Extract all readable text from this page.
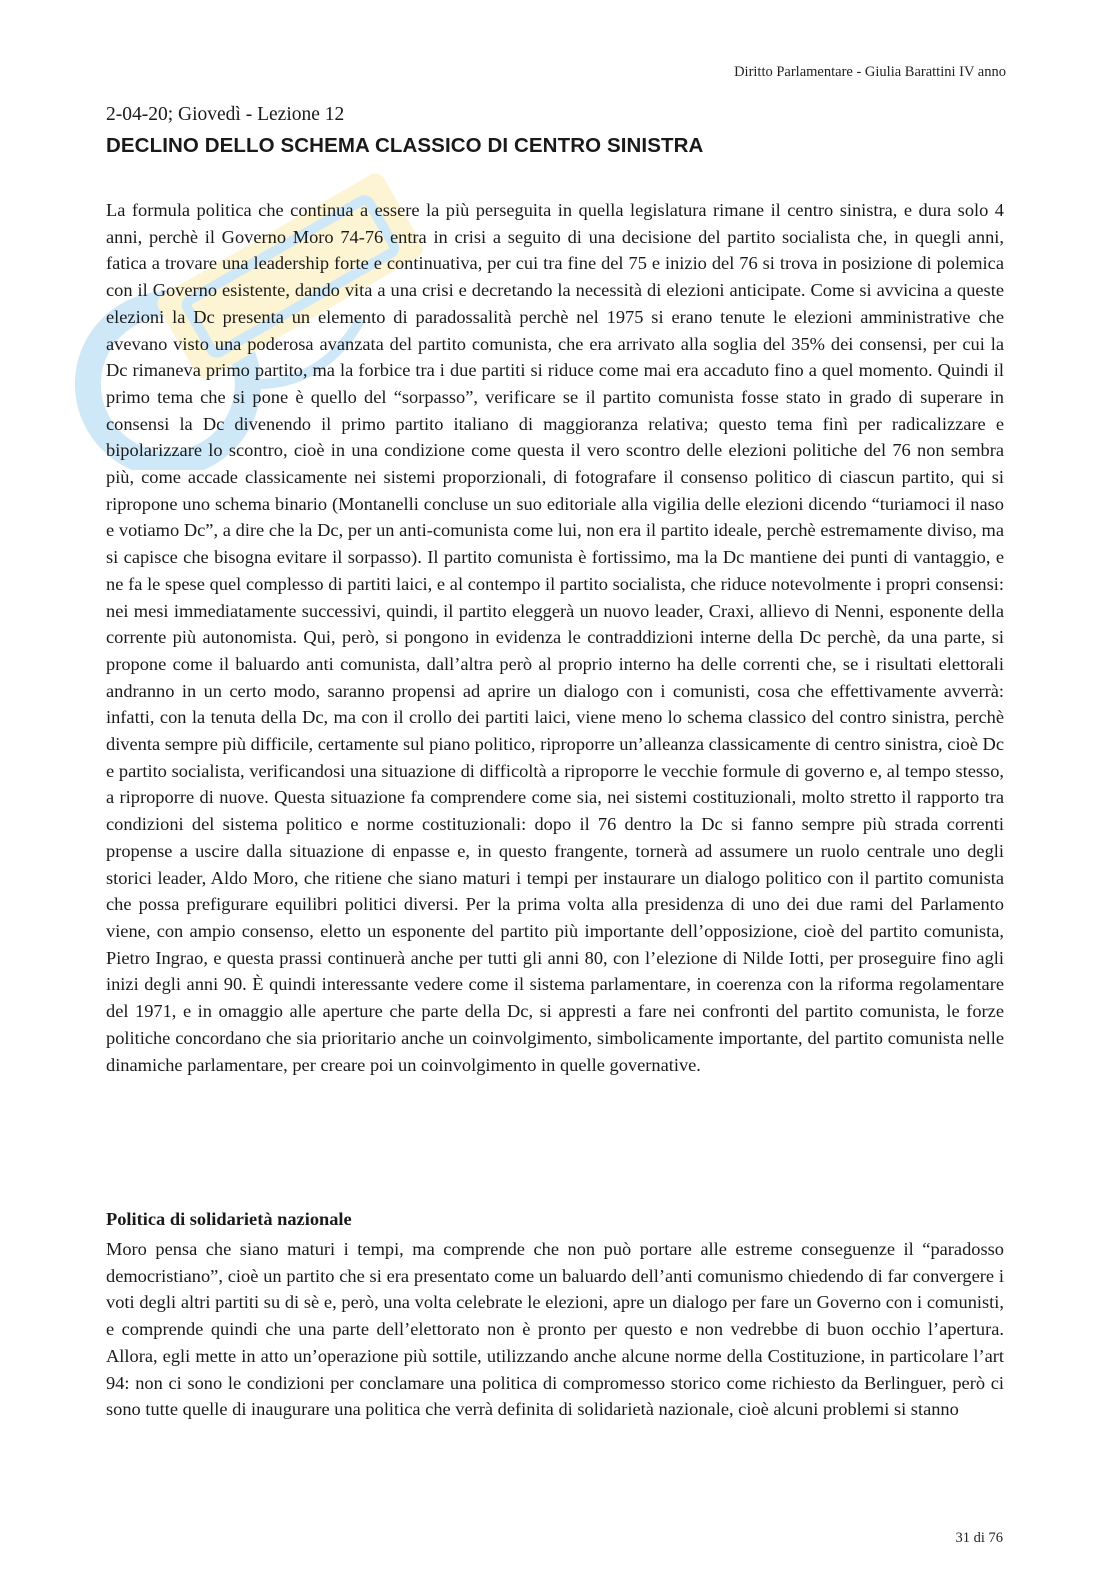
Diritto Parlamentare - Giulia Barattini IV anno
2-04-20; Giovedì - Lezione 12
DECLINO DELLO SCHEMA CLASSICO DI CENTRO SINISTRA

La formula politica che continua a essere la più perseguita in quella legislatura rimane il centro sinistra, e dura solo 4 anni, perchè il Governo Moro 74-76 entra in crisi a seguito di una decisione del partito socialista che, in quegli anni, fatica a trovare una leadership forte e continuativa, per cui tra fine del 75 e inizio del 76 si trova in posizione di polemica con il Governo esistente, dando vita a una crisi e decretando la necessità di elezioni anticipate. Come si avvicina a queste elezioni la Dc presenta un elemento di paradossalità perchè nel 1975 si erano tenute le elezioni amministrative che avevano visto una poderosa avanzata del partito comunista, che era arrivato alla soglia del 35% dei consensi, per cui la Dc rimaneva primo partito, ma la forbice tra i due partiti si riduce come mai era accaduto fino a quel momento. Quindi il primo tema che si pone è quello del “sorpasso”, verificare se il partito comunista fosse stato in grado di superare in consensi la Dc divenendo il primo partito italiano di maggioranza relativa; questo tema finì per radicalizzare e bipolarizzare lo scontro, cioè in una condizione come questa il vero scontro delle elezioni politiche del 76 non sembra più, come accade classicamente nei sistemi proporzionali, di fotografare il consenso politico di ciascun partito, qui si ripropone uno schema binario (Montanelli concluse un suo editoriale alla vigilia delle elezioni dicendo “turiamoci il naso e votiamo Dc”, a dire che la Dc, per un anti-comunista come lui, non era il partito ideale, perchè estremamente diviso, ma si capisce che bisogna evitare il sorpasso). Il partito comunista è fortissimo, ma la Dc mantiene dei punti di vantaggio, e ne fa le spese quel complesso di partiti laici, e al contempo il partito socialista, che riduce notevolmente i propri consensi: nei mesi immediatamente successivi, quindi, il partito eleggerà un nuovo leader, Craxi, allievo di Nenni, esponente della corrente più autonomista. Qui, però, si pongono in evidenza le contraddizioni interne della Dc perchè, da una parte, si propone come il baluardo anti comunista, dall’altra però al proprio interno ha delle correnti che, se i risultati elettorali andranno in un certo modo, saranno propensi ad aprire un dialogo con i comunisti, cosa che effettivamente avverrà: infatti, con la tenuta della Dc, ma con il crollo dei partiti laici, viene meno lo schema classico del contro sinistra, perchè diventa sempre più difficile, certamente sul piano politico, riproporre un’alleanza classicamente di centro sinistra, cioè Dc e partito socialista, verificandosi una situazione di difficoltà a riproporre le vecchie formule di governo e, al tempo stesso, a riproporre di nuove. Questa situazione fa comprendere come sia, nei sistemi costituzionali, molto stretto il rapporto tra condizioni del sistema politico e norme costituzionali: dopo il 76 dentro la Dc si fanno sempre più strada correnti propense a uscire dalla situazione di enpasse e, in questo frangente, tornerà ad assumere un ruolo centrale uno degli storici leader, Aldo Moro, che ritiene che siano maturi i tempi per instaurare un dialogo politico con il partito comunista che possa prefigurare equilibri politici diversi. Per la prima volta alla presidenza di uno dei due rami del Parlamento viene, con ampio consenso, eletto un esponente del partito più importante dell’opposizione, cioè del partito comunista, Pietro Ingrao, e questa prassi continuerà anche per tutti gli anni 80, con l’elezione di Nilde Iotti, per proseguire fino agli inizi degli anni 90. È quindi interessante vedere come il sistema parlamentare, in coerenza con la riforma regolamentare del 1971, e in omaggio alle aperture che parte della Dc, si appresti a fare nei confronti del partito comunista, le forze politiche concordano che sia prioritario anche un coinvolgimento, simbolicamente importante, del partito comunista nelle dinamiche parlamentare, per creare poi un coinvolgimento in quelle governative.

Politica di solidarietà nazionale

Moro pensa che siano maturi i tempi, ma comprende che non può portare alle estreme conseguenze il “paradosso democristiano”, cioè un partito che si era presentato come un baluardo dell’anti comunismo chiedendo di far convergere i voti degli altri partiti su di sè e, però, una volta celebrate le elezioni, apre un dialogo per fare un Governo con i comunisti, e comprende quindi che una parte dell’elettorato non è pronto per questo e non vedrebbe di buon occhio l’apertura. Allora, egli mette in atto un’operazione più sottile, utilizzando anche alcune norme della Costituzione, in particolare l’art 94: non ci sono le condizioni per conclamare una politica di compromesso storico come richiesto da Berlinguer, però ci sono tutte quelle di inaugurare una politica che verrà definita di solidarietà nazionale, cioè alcuni problemi si stanno

31 di 76
